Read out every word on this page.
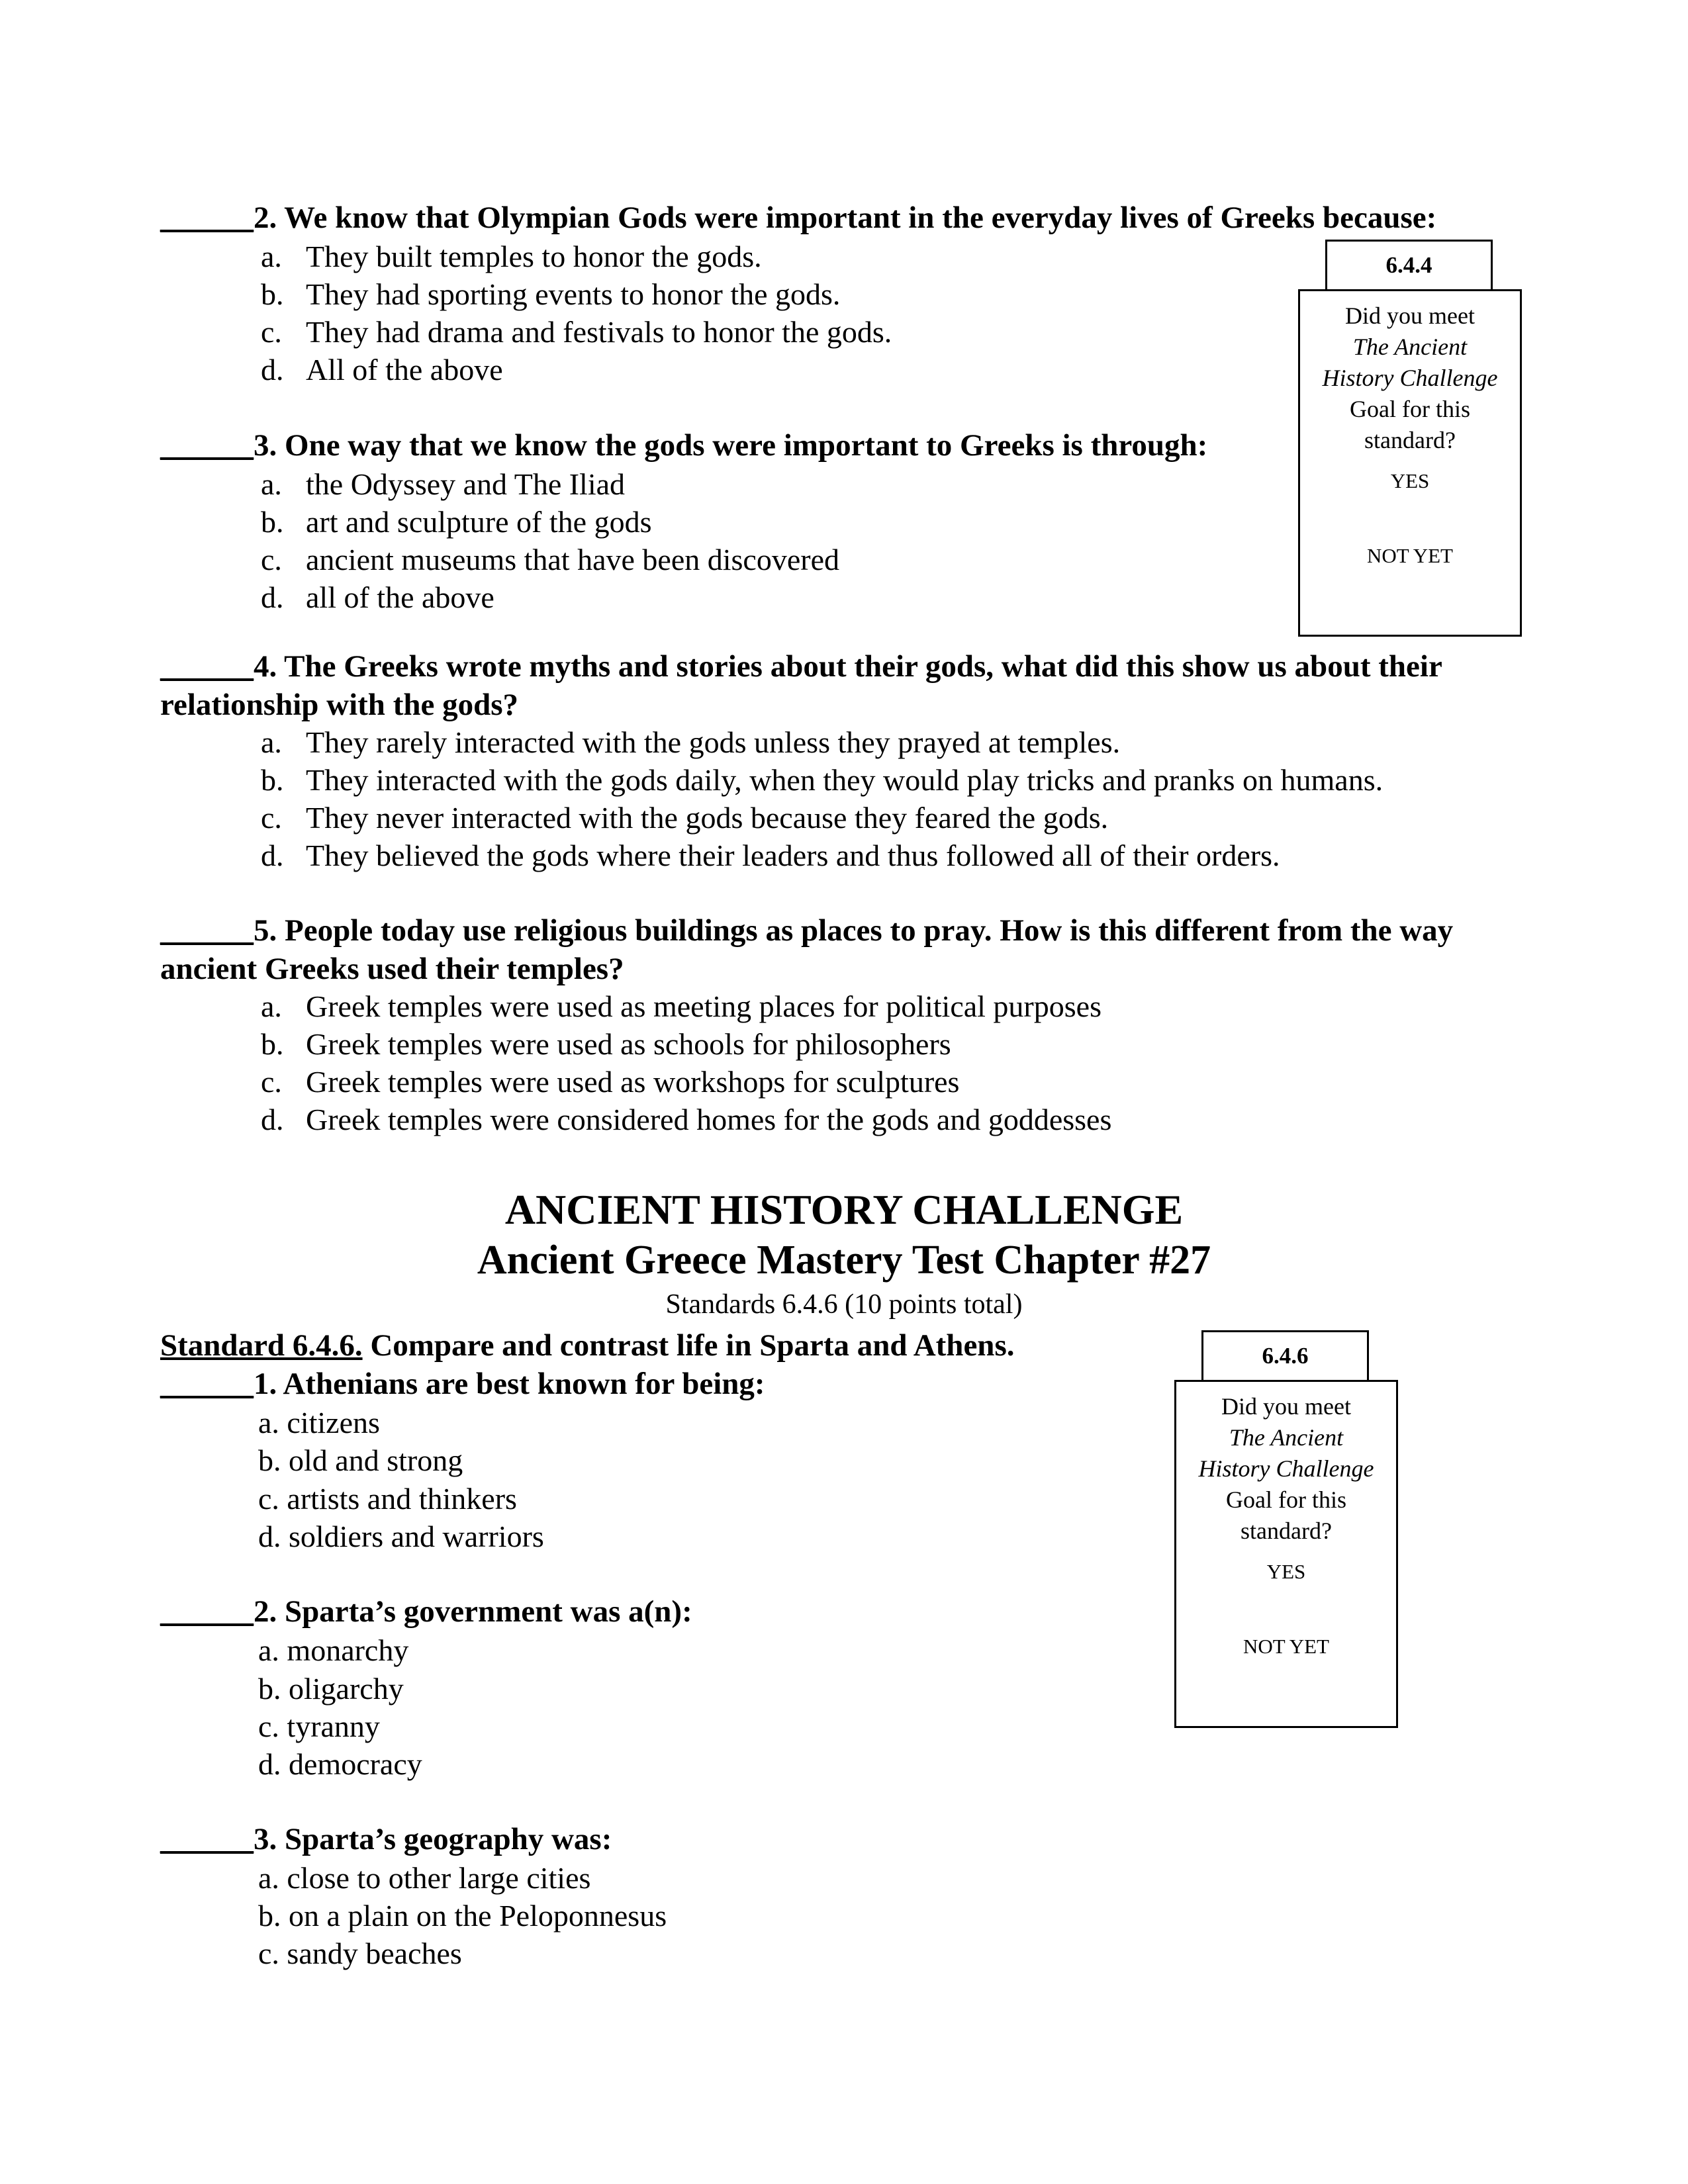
______2. We know that Olympian Gods were important in the everyday lives of Greeks because:
a. They built temples to honor the gods.
b. They had sporting events to honor the gods.
c. They had drama and festivals to honor the gods.
d. All of the above
______3. One way that we know the gods were important to Greeks is through:
a. the Odyssey and The Iliad
b. art and sculpture of the gods
c. ancient museums that have been discovered
d. all of the above
______4. The Greeks wrote myths and stories about their gods, what did this show us about their relationship with the gods?
a. They rarely interacted with the gods unless they prayed at temples.
b. They interacted with the gods daily, when they would play tricks and pranks on humans.
c. They never interacted with the gods because they feared the gods.
d. They believed the gods where their leaders and thus followed all of their orders.
______5. People today use religious buildings as places to pray. How is this different from the way ancient Greeks used their temples?
a. Greek temples were used as meeting places for political purposes
b. Greek temples were used as schools for philosophers
c. Greek temples were used as workshops for sculptures
d. Greek temples were considered homes for the gods and goddesses
6.4.4
Did you meet
The Ancient
History Challenge
Goal for this
standard?
YES
NOT YET
ANCIENT HISTORY CHALLENGE
Ancient Greece Mastery Test Chapter #27
Standards 6.4.6 (10 points total)
Standard 6.4.6. Compare and contrast life in Sparta and Athens.
______1. Athenians are best known for being:
a. citizens
b. old and strong
c. artists and thinkers
d. soldiers and warriors
______2. Sparta’s government was a(n):
a. monarchy
b. oligarchy
c. tyranny
d. democracy
______3. Sparta’s geography was:
a. close to other large cities
b. on a plain on the Peloponnesus
c. sandy beaches
6.4.6
Did you meet
The Ancient
History Challenge
Goal for this
standard?
YES
NOT YET
